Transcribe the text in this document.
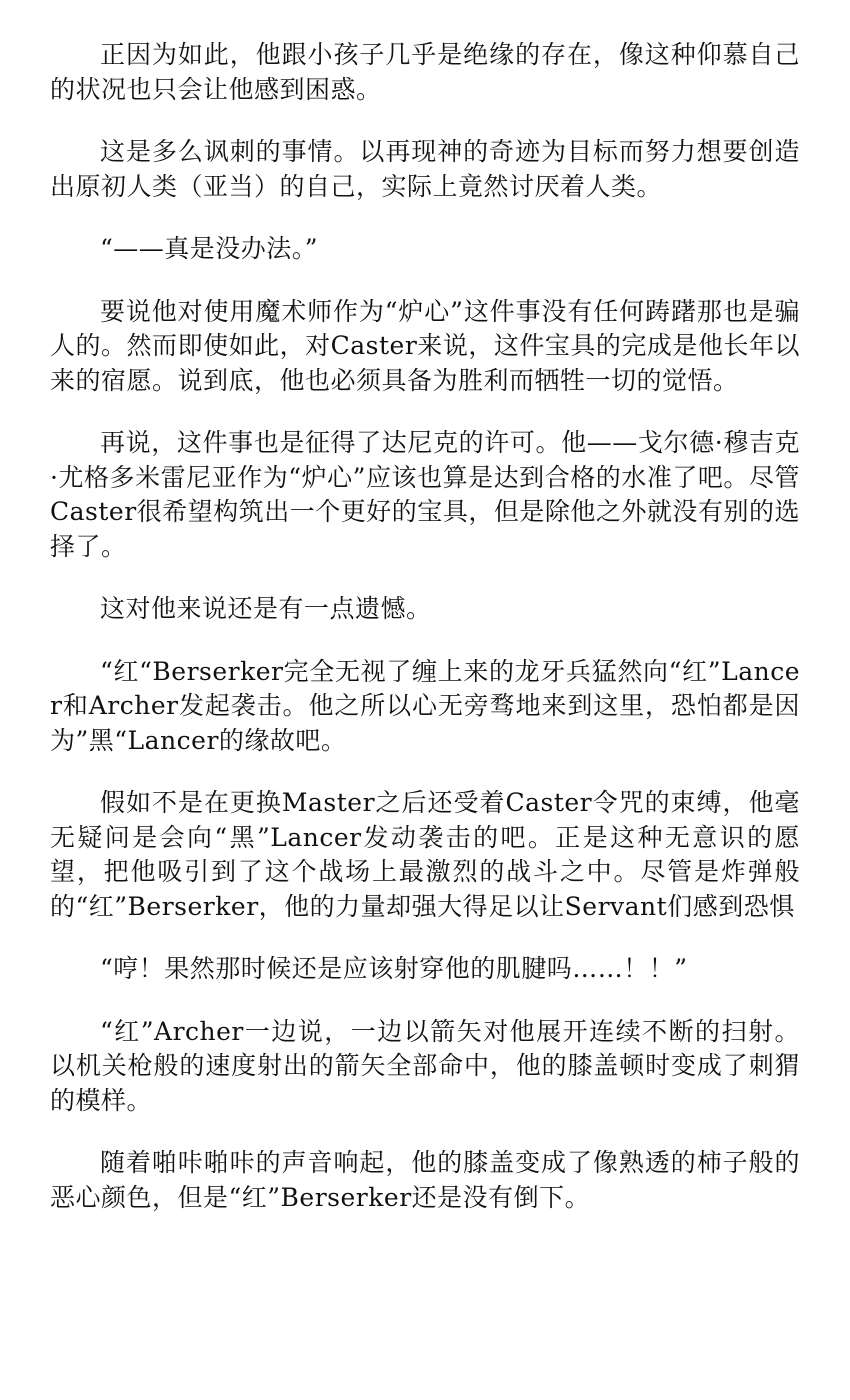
正因为如此，他跟小孩子几乎是绝缘的存在，像这种仰慕自己的状况也只会让他感到困惑。

这是多么讽刺的事情。以再现神的奇迹为目标而努力想要创造出原初人类（亚当）的自己，实际上竟然讨厌着人类。

“——真是没办法。”

要说他对使用魔术师作为“炉心”这件事没有任何踌躇那也是骗人的。然而即使如此，对Caster来说，这件宝具的完成是他长年以来的宿愿。说到底，他也必须具备为胜利而牺牲一切的觉悟。

再说，这件事也是征得了达尼克的许可。他——戈尔德·穆吉克·尤格多米雷尼亚作为“炉心”应该也算是达到合格的水准了吧。尽管Caster很希望构筑出一个更好的宝具，但是除他之外就没有别的选择了。

这对他来说还是有一点遗憾。

“红“Berserker完全无视了缠上来的龙牙兵猛然向“红”Lancer和Archer发起袭击。他之所以心无旁骛地来到这里，恐怕都是因为”黑“Lancer的缘故吧。

假如不是在更换Master之后还受着Caster令咒的束缚，他毫无疑问是会向“黑”Lancer发动袭击的吧。正是这种无意识的愿望，把他吸引到了这个战场上最激烈的战斗之中。尽管是炸弹般的“红”Berserker，他的力量却强大得足以让Servant们感到恐惧

“哼！果然那时候还是应该射穿他的肌腱吗……！！”

“红”Archer一边说，一边以箭矢对他展开连续不断的扫射。以机关枪般的速度射出的箭矢全部命中，他的膝盖顿时变成了刺猬的模样。

随着啪咔啪咔的声音响起，他的膝盖变成了像熟透的柿子般的恶心颜色，但是“红”Berserker还是没有倒下。
